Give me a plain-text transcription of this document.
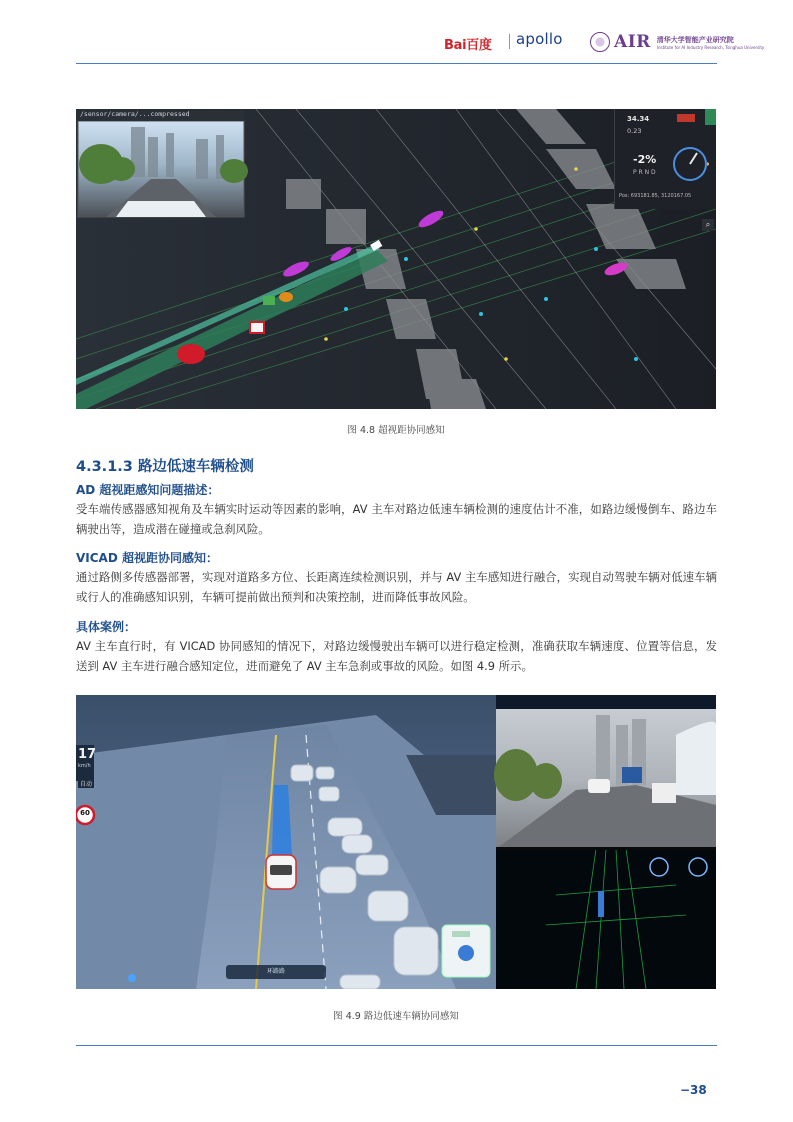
Bai百度 apollo	AIR 清华大学智能产业研究院
Institute for AI Industry Research, Tsinghua University
/sensor/camera/...compressed
34.34
0.23
-2%
P R N D
Pos: 693181.85, 3120167.05
⌕
图 4.8 超视距协同感知
4.3.1.3 路边低速车辆检测
AD 超视距感知问题描述：
受车端传感器感知视角及车辆实时运动等因素的影响，AV 主车对路边低速车辆检测的速度估计不准，如路边缓慢倒车、路边车辆驶出等，造成潜在碰撞或急刹风险。
VICAD 超视距协同感知：
通过路侧多传感器部署，实现对道路多方位、长距离连续检测识别，并与 AV 主车感知进行融合，实现自动驾驶车辆对低速车辆或行人的准确感知识别，车辆可提前做出预判和决策控制，进而降低事故风险。
具体案例：
AV 主车直行时，有 VICAD 协同感知的情况下，对路边缓慢驶出车辆可以进行稳定检测，准确获取车辆速度、位置等信息，发送到 AV 主车进行融合感知定位，进而避免了 AV 主车急刹或事故的风险。如图 4.9 所示。
17
km/h
自动
60
环路路
图 4.9 路边低速车辆协同感知
−38
